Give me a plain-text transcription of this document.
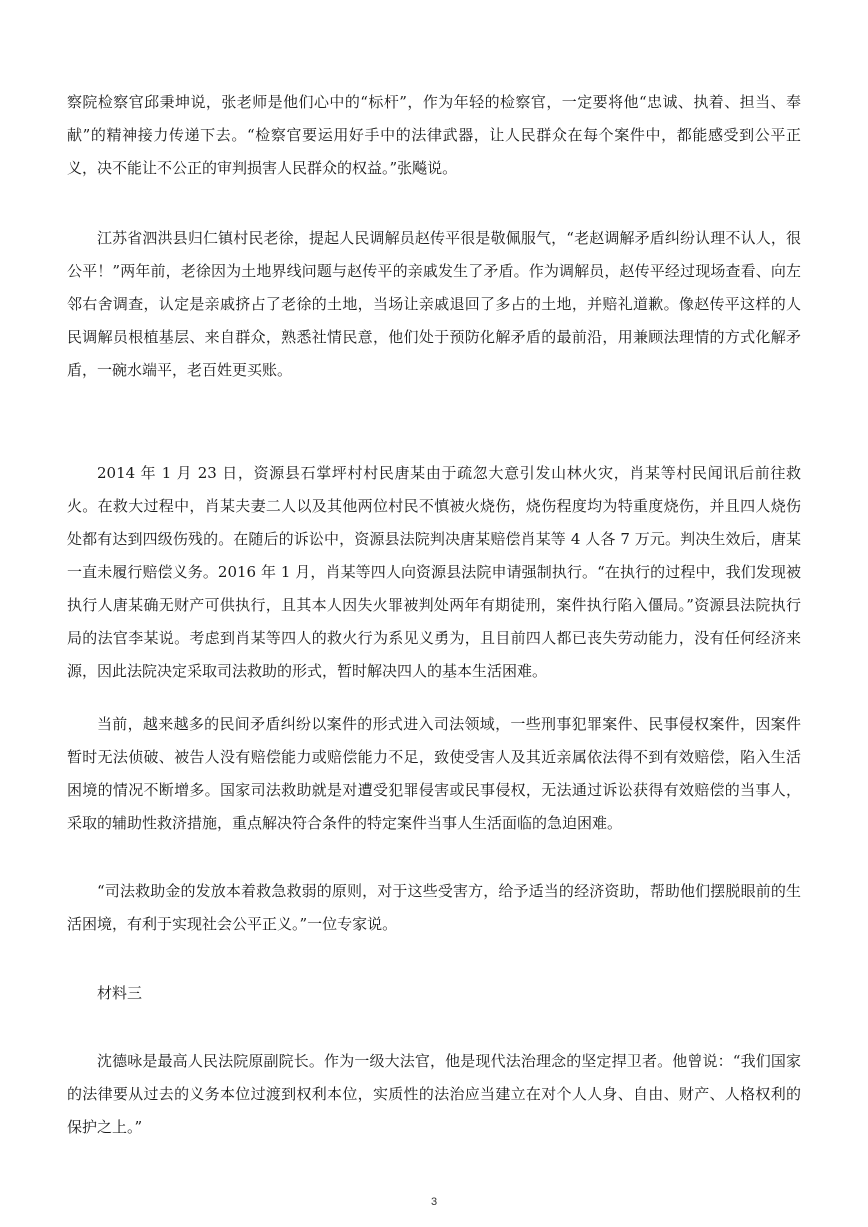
察院检察官邱秉坤说，张老师是他们心中的“标杆”，作为年轻的检察官，一定要将他“忠诚、执着、担当、奉献”的精神接力传递下去。“检察官要运用好手中的法律武器，让人民群众在每个案件中，都能感受到公平正义，决不能让不公正的审判损害人民群众的权益。”张飚说。

江苏省泗洪县归仁镇村民老徐，提起人民调解员赵传平很是敬佩服气，“老赵调解矛盾纠纷认理不认人，很公平！”两年前，老徐因为土地界线问题与赵传平的亲戚发生了矛盾。作为调解员，赵传平经过现场查看、向左邻右舍调查，认定是亲戚挤占了老徐的土地，当场让亲戚退回了多占的土地，并赔礼道歉。像赵传平这样的人民调解员根植基层、来自群众，熟悉社情民意，他们处于预防化解矛盾的最前沿，用兼顾法理情的方式化解矛盾，一碗水端平，老百姓更买账。

2014 年 1 月 23 日，资源县石掌坪村村民唐某由于疏忽大意引发山林火灾，肖某等村民闻讯后前往救火。在救大过程中，肖某夫妻二人以及其他两位村民不慎被火烧伤，烧伤程度均为特重度烧伤，并且四人烧伤处都有达到四级伤残的。在随后的诉讼中，资源县法院判决唐某赔偿肖某等 4 人各 7 万元。判决生效后，唐某一直未履行赔偿义务。2016 年 1 月，肖某等四人向资源县法院申请强制执行。“在执行的过程中，我们发现被执行人唐某确无财产可供执行，且其本人因失火罪被判处两年有期徒刑，案件执行陷入僵局。”资源县法院执行局的法官李某说。考虑到肖某等四人的救火行为系见义勇为，且目前四人都已丧失劳动能力，没有任何经济来源，因此法院决定采取司法救助的形式，暂时解决四人的基本生活困难。

当前，越来越多的民间矛盾纠纷以案件的形式进入司法领域，一些刑事犯罪案件、民事侵权案件，因案件暂时无法侦破、被告人没有赔偿能力或赔偿能力不足，致使受害人及其近亲属依法得不到有效赔偿，陷入生活困境的情况不断增多。国家司法救助就是对遭受犯罪侵害或民事侵权，无法通过诉讼获得有效赔偿的当事人，采取的辅助性救济措施，重点解决符合条件的特定案件当事人生活面临的急迫困难。

“司法救助金的发放本着救急救弱的原则，对于这些受害方，给予适当的经济资助，帮助他们摆脱眼前的生活困境，有利于实现社会公平正义。”一位专家说。

材料三

沈德咏是最高人民法院原副院长。作为一级大法官，他是现代法治理念的坚定捍卫者。他曾说：“我们国家的法律要从过去的义务本位过渡到权利本位，实质性的法治应当建立在对个人人身、自由、财产、人格权利的保护之上。”

3
